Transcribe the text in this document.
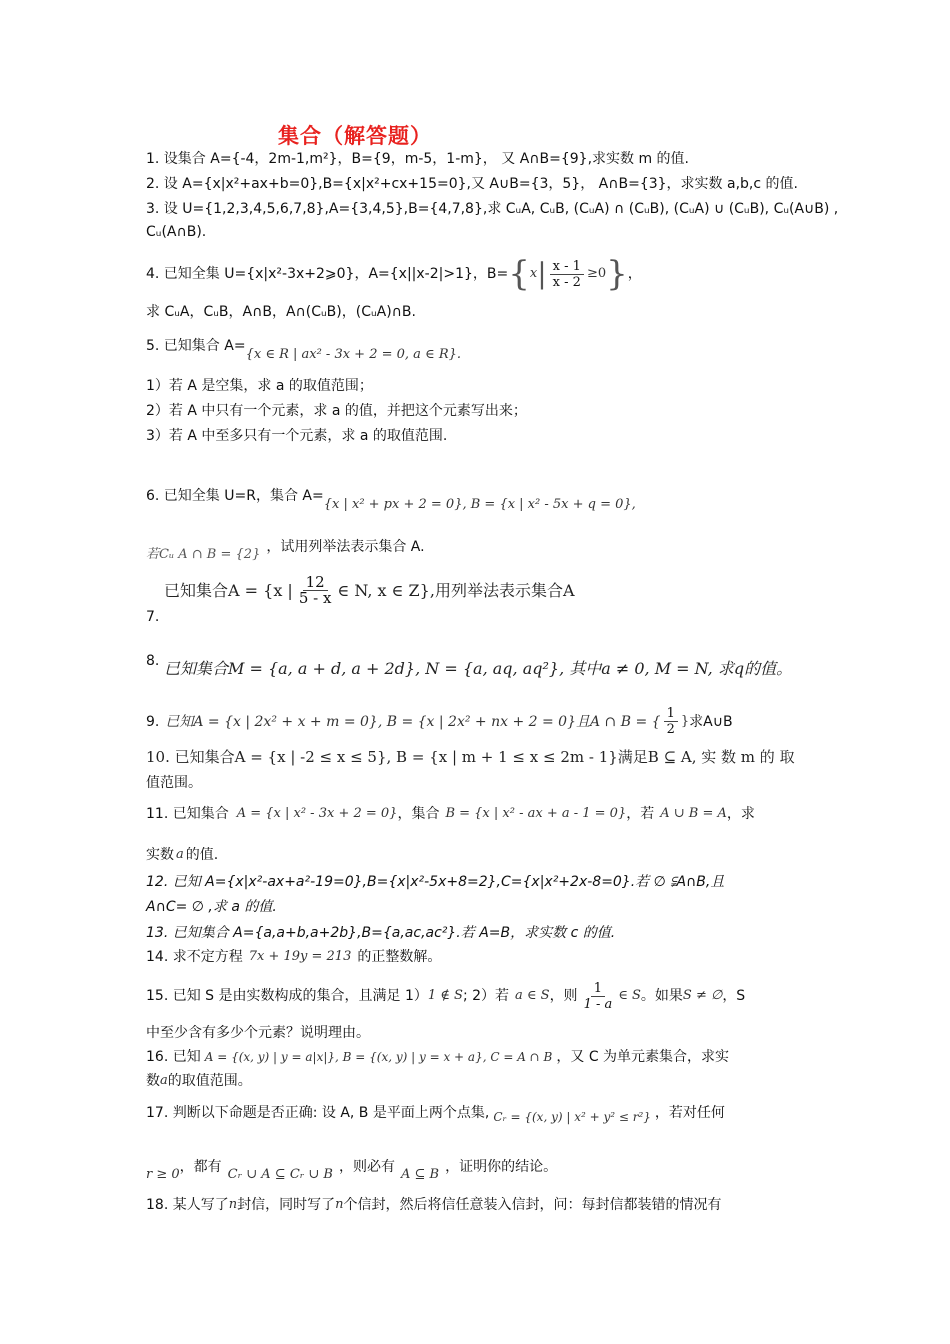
集合（解答题）
1. 设集合 A={-4，2m-1,m²}，B={9，m-5，1-m}， 又 A∩B={9},求实数 m 的值.
2. 设 A={x|x²+ax+b=0},B={x|x²+cx+15=0},又 A∪B={3，5}， A∩B={3}，求实数 a,b,c 的值.
3. 设 U={1,2,3,4,5,6,7,8},A={3,4,5},B={4,7,8},求 CᵤA, CᵤB, (CᵤA) ∩ (CᵤB), (CᵤA) ∪ (CᵤB), Cᵤ(A∪B) ,
Cᵤ(A∩B).
4. 已知全集 U={x|x²-3x+2⩾0}，A={x||x-2|>1}，B= { x | $\frac{x - 1}{x - 2} \ge 0$ } ，
求 CᵤA，CᵤB，A∩B，A∩(CᵤB)，(CᵤA)∩B.
5. 已知集合 A=
{x ∈ R | ax² - 3x + 2 = 0, a ∈ R}.
1）若 A 是空集，求 a 的取值范围；
2）若 A 中只有一个元素，求 a 的值，并把这个元素写出来；
3）若 A 中至多只有一个元素，求 a 的取值范围.
6. 已知全集 U=R，集合 A=
{x | x² + px + 2 = 0}, B = {x | x² - 5x + q = 0},
若Cᵤ A ∩ B = {2} ，试用列举法表示集合 A.
已知集合A = {x | $\frac{12}{5 - x}$ ∈ N, x ∈ Z},用列举法表示集合A
7.
8. 已知集合M = {a, a + d, a + 2d}, N = {a, aq, aq²}, 其中a ≠ 0, M = N, 求q的值。
9. 已知A = {x | 2x² + x + m = 0}, B = {x | 2x² + nx + 2 = 0}且A ∩ B = { $\frac{1}{2}$ } 求A∪B
10. 已知集合A = {x | -2 ≤ x ≤ 5}, B = {x | m + 1 ≤ x ≤ 2m - 1}满足B ⊆ A, 实 数 m 的 取
值范围。
11. 已知集合 A = {x | x² - 3x + 2 = 0} ，集合 B = {x | x² - ax + a - 1 = 0} ，若 A ∪ B = A ，求
实数 a 的值.
12. 已知 A={x|x²-ax+a²-19=0},B={x|x²-5x+8=2},C={x|x²+2x-8=0}.若 ∅ ⫋A∩B,且
A∩C= ∅ ,求 a 的值.
13. 已知集合 A={a,a+b,a+2b},B={a,ac,ac²}.若 A=B，求实数 c 的值.
14. 求不定方程 7x + 19y = 213 的正整数解。
15. 已知 S 是由实数构成的集合，且满足 1） 1 ∉ S ; 2）若 a ∈ S ，则 $\frac{1}{1 - a}$ ∈ S 。如果 S ≠ ∅ ，S
中至少含有多少个元素？说明理由。
16. 已知 A = {(x, y) | y = a|x|}, B = {(x, y) | y = x + a}, C = A ∩ B ，又 C 为单元素集合，求实
数 a 的取值范围。
17. 判断以下命题是否正确: 设 A, B 是平面上两个点集, Cᵣ = {(x, y) | x² + y² ≤ r²} ，若对任何
r ≥ 0 ，都有 Cᵣ ∪ A ⊆ Cᵣ ∪ B ，则必有 A ⊆ B ，证明你的结论。
18. 某人写了 n 封信，同时写了 n 个信封，然后将信任意装入信封，问：每封信都装错的情况有
